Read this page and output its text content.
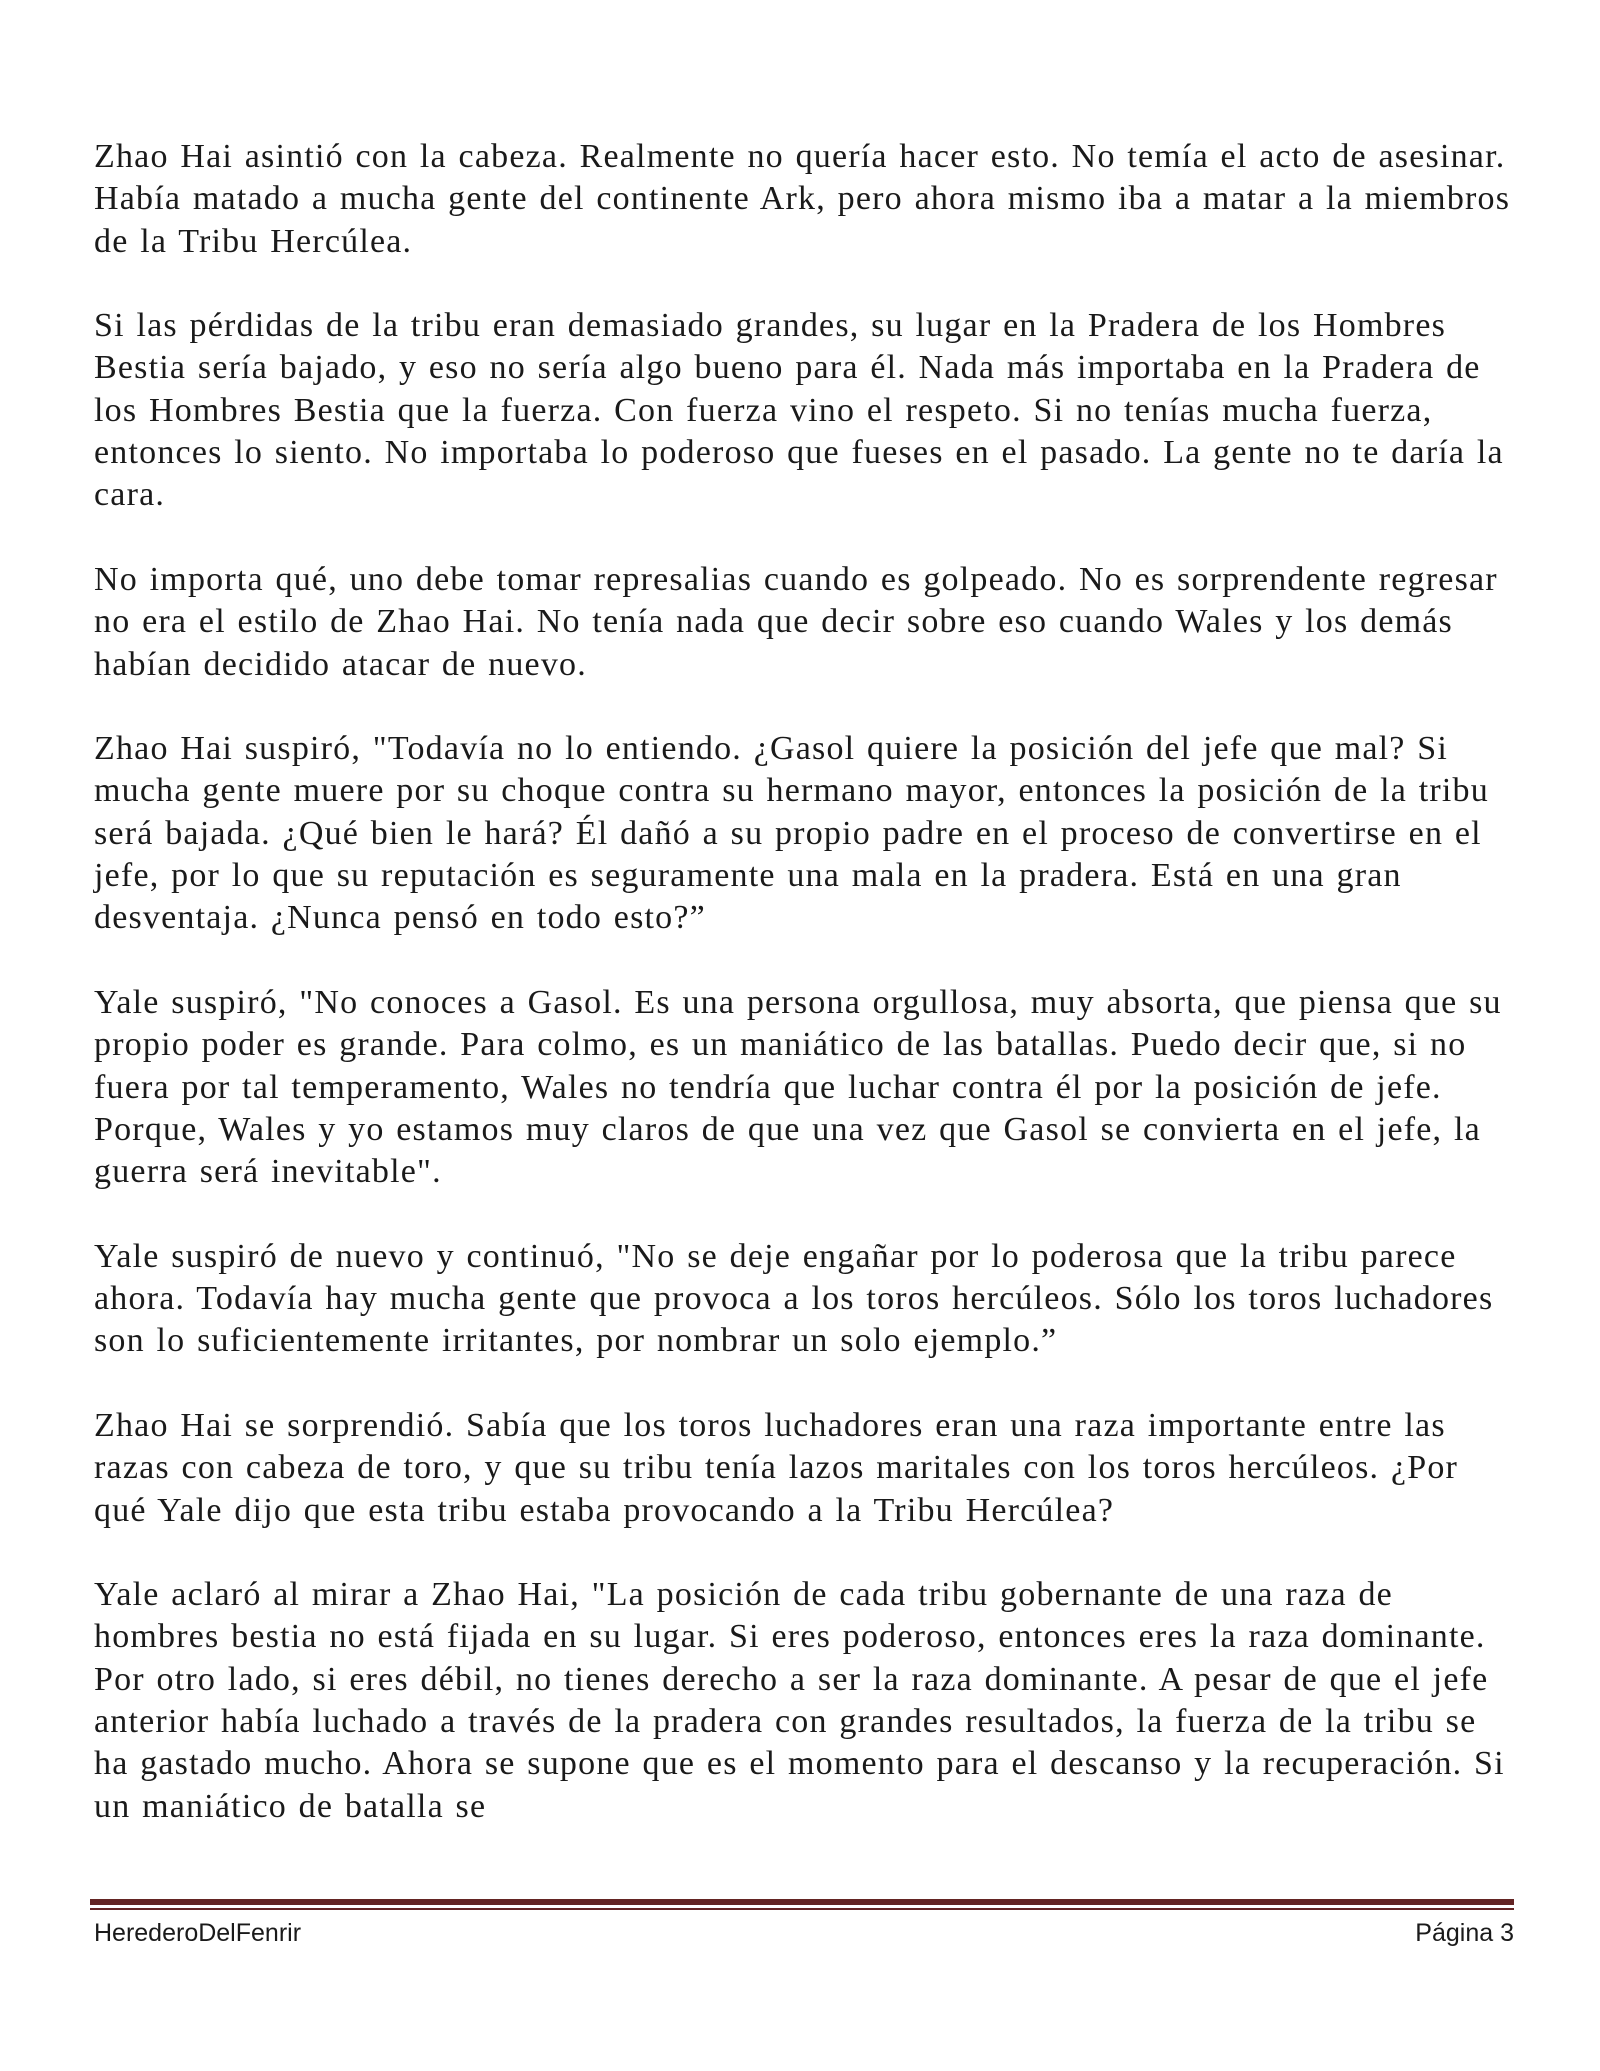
Zhao Hai asintió con la cabeza. Realmente no quería hacer esto. No temía el acto de asesinar. Había matado a mucha gente del continente Ark, pero ahora mismo iba a matar a la miembros de la Tribu Hercúlea.

Si las pérdidas de la tribu eran demasiado grandes, su lugar en la Pradera de los Hombres Bestia sería bajado, y eso no sería algo bueno para él. Nada más importaba en la Pradera de los Hombres Bestia que la fuerza. Con fuerza vino el respeto. Si no tenías mucha fuerza, entonces lo siento. No importaba lo poderoso que fueses en el pasado. La gente no te daría la cara.

No importa qué, uno debe tomar represalias cuando es golpeado. No es sorprendente regresar no era el estilo de Zhao Hai. No tenía nada que decir sobre eso cuando Wales y los demás habían decidido atacar de nuevo.

Zhao Hai suspiró, "Todavía no lo entiendo. ¿Gasol quiere la posición del jefe que mal? Si mucha gente muere por su choque contra su hermano mayor, entonces la posición de la tribu será bajada. ¿Qué bien le hará? Él dañó a su propio padre en el proceso de convertirse en el jefe, por lo que su reputación es seguramente una mala en la pradera. Está en una gran desventaja. ¿Nunca pensó en todo esto?”

Yale suspiró, "No conoces a Gasol. Es una persona orgullosa, muy absorta, que piensa que su propio poder es grande. Para colmo, es un maniático de las batallas. Puedo decir que, si no fuera por tal temperamento, Wales no tendría que luchar contra él por la posición de jefe. Porque, Wales y yo estamos muy claros de que una vez que Gasol se convierta en el jefe, la guerra será inevitable".

Yale suspiró de nuevo y continuó, "No se deje engañar por lo poderosa que la tribu parece ahora. Todavía hay mucha gente que provoca a los toros hercúleos. Sólo los toros luchadores son lo suficientemente irritantes, por nombrar un solo ejemplo.”

Zhao Hai se sorprendió. Sabía que los toros luchadores eran una raza importante entre las razas con cabeza de toro, y que su tribu tenía lazos maritales con los toros hercúleos. ¿Por qué Yale dijo que esta tribu estaba provocando a la Tribu Hercúlea?

Yale aclaró al mirar a Zhao Hai, "La posición de cada tribu gobernante de una raza de hombres bestia no está fijada en su lugar. Si eres poderoso, entonces eres la raza dominante. Por otro lado, si eres débil, no tienes derecho a ser la raza dominante. A pesar de que el jefe anterior había luchado a través de la pradera con grandes resultados, la fuerza de la tribu se ha gastado mucho. Ahora se supone que es el momento para el descanso y la recuperación. Si un maniático de batalla se

HerederoDelFenrir	Página 3
